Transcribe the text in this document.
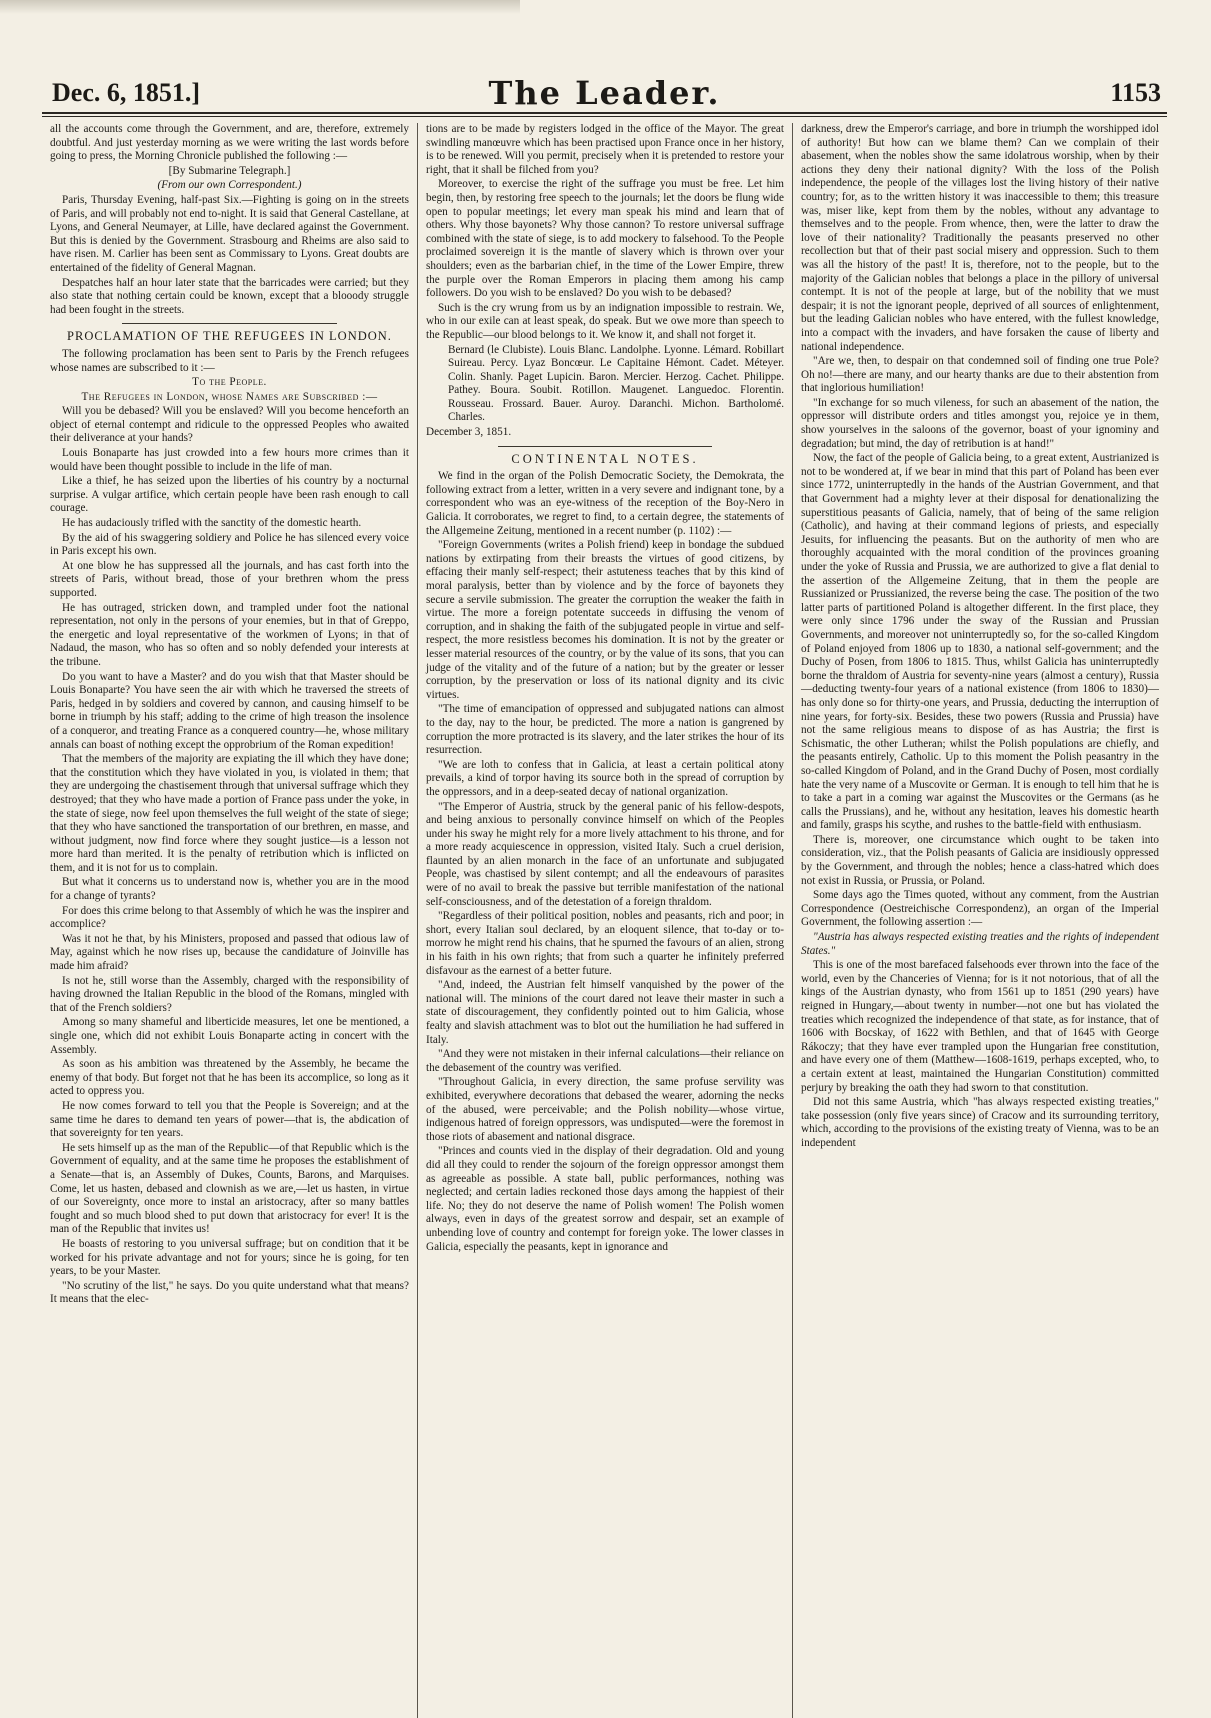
Dec. 6, 1851.]	The Leader.	1153

all the accounts come through the Government, and are, therefore, extremely doubtful. And just yesterday morning as we were writing the last words before going to press, the Morning Chronicle published the following :—

[By Submarine Telegraph.]

(From our own Correspondent.)

Paris, Thursday Evening, half-past Six.—Fighting is going on in the streets of Paris, and will probably not end to-night. It is said that General Castellane, at Lyons, and General Neumayer, at Lille, have declared against the Government. But this is denied by the Government. Strasbourg and Rheims are also said to have risen. M. Carlier has been sent as Commissary to Lyons. Great doubts are entertained of the fidelity of General Magnan.

Despatches half an hour later state that the barricades were carried; but they also state that nothing certain could be known, except that a blooody struggle had been fought in the streets.

PROCLAMATION OF THE REFUGEES IN LONDON.

The following proclamation has been sent to Paris by the French refugees whose names are subscribed to it :—

To the People.

The Refugees in London, whose Names are Subscribed :—

Will you be debased? Will you be enslaved? Will you become henceforth an object of eternal contempt and ridicule to the oppressed Peoples who awaited their deliverance at your hands?

Louis Bonaparte has just crowded into a few hours more crimes than it would have been thought possible to include in the life of man.

Like a thief, he has seized upon the liberties of his country by a nocturnal surprise. A vulgar artifice, which certain people have been rash enough to call courage.

He has audaciously trifled with the sanctity of the domestic hearth.

By the aid of his swaggering soldiery and Police he has silenced every voice in Paris except his own.

At one blow he has suppressed all the journals, and has cast forth into the streets of Paris, without bread, those of your brethren whom the press supported.

He has outraged, stricken down, and trampled under foot the national representation, not only in the persons of your enemies, but in that of Greppo, the energetic and loyal representative of the workmen of Lyons; in that of Nadaud, the mason, who has so often and so nobly defended your interests at the tribune.

Do you want to have a Master? and do you wish that that Master should be Louis Bonaparte? You have seen the air with which he traversed the streets of Paris, hedged in by soldiers and covered by cannon, and causing himself to be borne in triumph by his staff; adding to the crime of high treason the insolence of a conqueror, and treating France as a conquered country—he, whose military annals can boast of nothing except the opprobrium of the Roman expedition!

That the members of the majority are expiating the ill which they have done; that the constitution which they have violated in you, is violated in them; that they are undergoing the chastisement through that universal suffrage which they destroyed; that they who have made a portion of France pass under the yoke, in the state of siege, now feel upon themselves the full weight of the state of siege; that they who have sanctioned the transportation of our brethren, en masse, and without judgment, now find force where they sought justice—is a lesson not more hard than merited. It is the penalty of retribution which is inflicted on them, and it is not for us to complain.

But what it concerns us to understand now is, whether you are in the mood for a change of tyrants?

For does this crime belong to that Assembly of which he was the inspirer and accomplice?

Was it not he that, by his Ministers, proposed and passed that odious law of May, against which he now rises up, because the candidature of Joinville has made him afraid?

Is not he, still worse than the Assembly, charged with the responsibility of having drowned the Italian Republic in the blood of the Romans, mingled with that of the French soldiers?

Among so many shameful and liberticide measures, let one be mentioned, a single one, which did not exhibit Louis Bonaparte acting in concert with the Assembly.

As soon as his ambition was threatened by the Assembly, he became the enemy of that body. But forget not that he has been its accomplice, so long as it acted to oppress you.

He now comes forward to tell you that the People is Sovereign; and at the same time he dares to demand ten years of power—that is, the abdication of that sovereignty for ten years.

He sets himself up as the man of the Republic—of that Republic which is the Government of equality, and at the same time he proposes the establishment of a Senate—that is, an Assembly of Dukes, Counts, Barons, and Marquises. Come, let us hasten, debased and clownish as we are,—let us hasten, in virtue of our Sovereignty, once more to instal an aristocracy, after so many battles fought and so much blood shed to put down that aristocracy for ever! It is the man of the Republic that invites us!

He boasts of restoring to you universal suffrage; but on condition that it be worked for his private advantage and not for yours; since he is going, for ten years, to be your Master.

"No scrutiny of the list," he says. Do you quite understand what that means? It means that the elec-

tions are to be made by registers lodged in the office of the Mayor. The great swindling manœuvre which has been practised upon France once in her history, is to be renewed. Will you permit, precisely when it is pretended to restore your right, that it shall be filched from you?

Moreover, to exercise the right of the suffrage you must be free. Let him begin, then, by restoring free speech to the journals; let the doors be flung wide open to popular meetings; let every man speak his mind and learn that of others. Why those bayonets? Why those cannon? To restore universal suffrage combined with the state of siege, is to add mockery to falsehood. To the People proclaimed sovereign it is the mantle of slavery which is thrown over your shoulders; even as the barbarian chief, in the time of the Lower Empire, threw the purple over the Roman Emperors in placing them among his camp followers. Do you wish to be enslaved? Do you wish to be debased?

Such is the cry wrung from us by an indignation impossible to restrain. We, who in our exile can at least speak, do speak. But we owe more than speech to the Republic—our blood belongs to it. We know it, and shall not forget it.

Bernard (le Clubiste). Louis Blanc. Landolphe. Lyonne. Lémard. Robillart Suireau. Percy. Lyaz Boncœur. Le Capitaine Hémont. Cadet. Méteyer. Colin. Shanly. Paget Lupicin. Baron. Mercier. Herzog. Cachet. Philippe. Pathey. Boura. Soubit. Rotillon. Maugenet. Languedoc. Florentin. Rousseau. Frossard. Bauer. Auroy. Daranchi. Michon. Bartholomé. Charles.

December 3, 1851.

CONTINENTAL NOTES.

We find in the organ of the Polish Democratic Society, the Demokrata, the following extract from a letter, written in a very severe and indignant tone, by a correspondent who was an eye-witness of the reception of the Boy-Nero in Galicia. It corroborates, we regret to find, to a certain degree, the statements of the Allgemeine Zeitung, mentioned in a recent number (p. 1102) :—

"Foreign Governments (writes a Polish friend) keep in bondage the subdued nations by extirpating from their breasts the virtues of good citizens, by effacing their manly self-respect; their astuteness teaches that by this kind of moral paralysis, better than by violence and by the force of bayonets they secure a servile submission. The greater the corruption the weaker the faith in virtue. The more a foreign potentate succeeds in diffusing the venom of corruption, and in shaking the faith of the subjugated people in virtue and self-respect, the more resistless becomes his domination. It is not by the greater or lesser material resources of the country, or by the value of its sons, that you can judge of the vitality and of the future of a nation; but by the greater or lesser corruption, by the preservation or loss of its national dignity and its civic virtues.

"The time of emancipation of oppressed and subjugated nations can almost to the day, nay to the hour, be predicted. The more a nation is gangrened by corruption the more protracted is its slavery, and the later strikes the hour of its resurrection.

"We are loth to confess that in Galicia, at least a certain political atony prevails, a kind of torpor having its source both in the spread of corruption by the oppressors, and in a deep-seated decay of national organization.

"The Emperor of Austria, struck by the general panic of his fellow-despots, and being anxious to personally convince himself on which of the Peoples under his sway he might rely for a more lively attachment to his throne, and for a more ready acquiescence in oppression, visited Italy. Such a cruel derision, flaunted by an alien monarch in the face of an unfortunate and subjugated People, was chastised by silent contempt; and all the endeavours of parasites were of no avail to break the passive but terrible manifestation of the national self-consciousness, and of the detestation of a foreign thraldom.

"Regardless of their political position, nobles and peasants, rich and poor; in short, every Italian soul declared, by an eloquent silence, that to-day or to-morrow he might rend his chains, that he spurned the favours of an alien, strong in his faith in his own rights; that from such a quarter he infinitely preferred disfavour as the earnest of a better future.

"And, indeed, the Austrian felt himself vanquished by the power of the national will. The minions of the court dared not leave their master in such a state of discouragement, they confidently pointed out to him Galicia, whose fealty and slavish attachment was to blot out the humiliation he had suffered in Italy.

"And they were not mistaken in their infernal calculations—their reliance on the debasement of the country was verified.

"Throughout Galicia, in every direction, the same profuse servility was exhibited, everywhere decorations that debased the wearer, adorning the necks of the abused, were perceivable; and the Polish nobility—whose virtue, indigenous hatred of foreign oppressors, was undisputed—were the foremost in those riots of abasement and national disgrace.

"Princes and counts vied in the display of their degradation. Old and young did all they could to render the sojourn of the foreign oppressor amongst them as agreeable as possible. A state ball, public performances, nothing was neglected; and certain ladies reckoned those days among the happiest of their life. No; they do not deserve the name of Polish women! The Polish women always, even in days of the greatest sorrow and despair, set an example of unbending love of country and contempt for foreign yoke. The lower classes in Galicia, especially the peasants, kept in ignorance and

darkness, drew the Emperor's carriage, and bore in triumph the worshipped idol of authority! But how can we blame them? Can we complain of their abasement, when the nobles show the same idolatrous worship, when by their actions they deny their national dignity? With the loss of the Polish independence, the people of the villages lost the living history of their native country; for, as to the written history it was inaccessible to them; this treasure was, miser like, kept from them by the nobles, without any advantage to themselves and to the people. From whence, then, were the latter to draw the love of their nationality? Traditionally the peasants preserved no other recollection but that of their past social misery and oppression. Such to them was all the history of the past! It is, therefore, not to the people, but to the majority of the Galician nobles that belongs a place in the pillory of universal contempt. It is not of the people at large, but of the nobility that we must despair; it is not the ignorant people, deprived of all sources of enlightenment, but the leading Galician nobles who have entered, with the fullest knowledge, into a compact with the invaders, and have forsaken the cause of liberty and national independence.

"Are we, then, to despair on that condemned soil of finding one true Pole? Oh no!—there are many, and our hearty thanks are due to their abstention from that inglorious humiliation!

"In exchange for so much vileness, for such an abasement of the nation, the oppressor will distribute orders and titles amongst you, rejoice ye in them, show yourselves in the saloons of the governor, boast of your ignominy and degradation; but mind, the day of retribution is at hand!"

Now, the fact of the people of Galicia being, to a great extent, Austrianized is not to be wondered at, if we bear in mind that this part of Poland has been ever since 1772, uninterruptedly in the hands of the Austrian Government, and that that Government had a mighty lever at their disposal for denationalizing the superstitious peasants of Galicia, namely, that of being of the same religion (Catholic), and having at their command legions of priests, and especially Jesuits, for influencing the peasants. But on the authority of men who are thoroughly acquainted with the moral condition of the provinces groaning under the yoke of Russia and Prussia, we are authorized to give a flat denial to the assertion of the Allgemeine Zeitung, that in them the people are Russianized or Prussianized, the reverse being the case. The position of the two latter parts of partitioned Poland is altogether different. In the first place, they were only since 1796 under the sway of the Russian and Prussian Governments, and moreover not uninterruptedly so, for the so-called Kingdom of Poland enjoyed from 1806 up to 1830, a national self-government; and the Duchy of Posen, from 1806 to 1815. Thus, whilst Galicia has uninterruptedly borne the thraldom of Austria for seventy-nine years (almost a century), Russia—deducting twenty-four years of a national existence (from 1806 to 1830)—has only done so for thirty-one years, and Prussia, deducting the interruption of nine years, for forty-six. Besides, these two powers (Russia and Prussia) have not the same religious means to dispose of as has Austria; the first is Schismatic, the other Lutheran; whilst the Polish populations are chiefly, and the peasants entirely, Catholic. Up to this moment the Polish peasantry in the so-called Kingdom of Poland, and in the Grand Duchy of Posen, most cordially hate the very name of a Muscovite or German. It is enough to tell him that he is to take a part in a coming war against the Muscovites or the Germans (as he calls the Prussians), and he, without any hesitation, leaves his domestic hearth and family, grasps his scythe, and rushes to the battle-field with enthusiasm.

There is, moreover, one circumstance which ought to be taken into consideration, viz., that the Polish peasants of Galicia are insidiously oppressed by the Government, and through the nobles; hence a class-hatred which does not exist in Russia, or Prussia, or Poland.

Some days ago the Times quoted, without any comment, from the Austrian Correspondence (Oestreichische Correspondenz), an organ of the Imperial Government, the following assertion :—

"Austria has always respected existing treaties and the rights of independent States."

This is one of the most barefaced falsehoods ever thrown into the face of the world, even by the Chanceries of Vienna; for is it not notorious, that of all the kings of the Austrian dynasty, who from 1561 up to 1851 (290 years) have reigned in Hungary,—about twenty in number—not one but has violated the treaties which recognized the independence of that state, as for instance, that of 1606 with Bocskay, of 1622 with Bethlen, and that of 1645 with George Rákoczy; that they have ever trampled upon the Hungarian free constitution, and have every one of them (Matthew—1608-1619, perhaps excepted, who, to a certain extent at least, maintained the Hungarian Constitution) committed perjury by breaking the oath they had sworn to that constitution.

Did not this same Austria, which "has always respected existing treaties," take possession (only five years since) of Cracow and its surrounding territory, which, according to the provisions of the existing treaty of Vienna, was to be an independent
